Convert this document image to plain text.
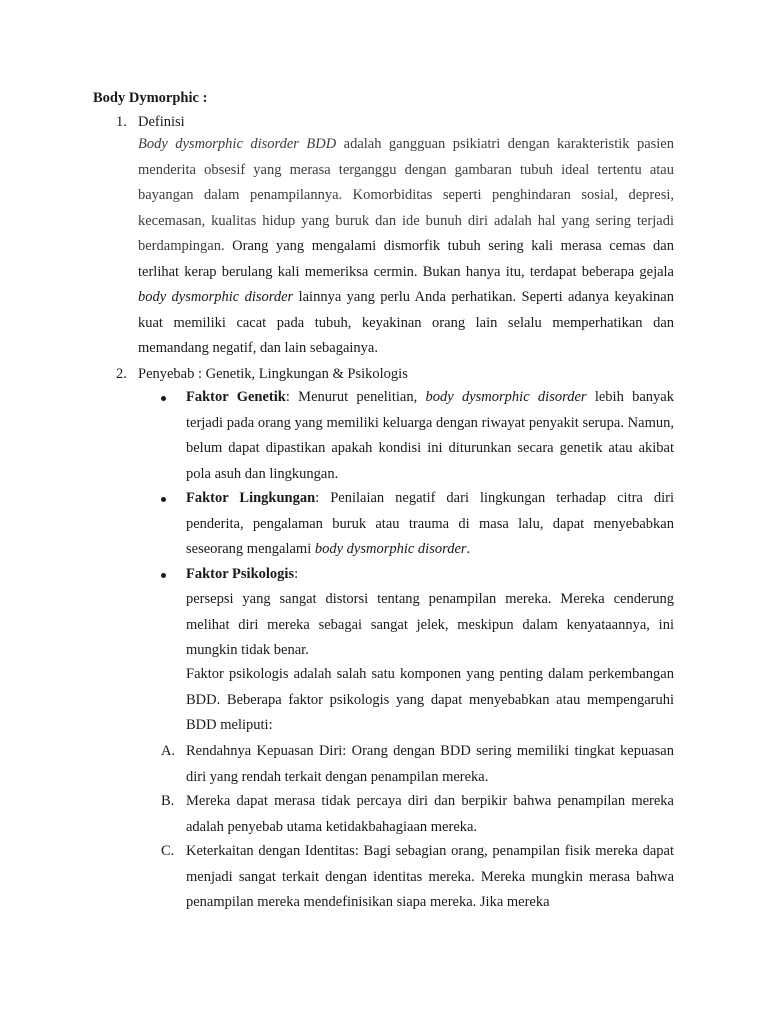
Body Dymorphic :
1. Definisi
Body dysmorphic disorder BDD adalah gangguan psikiatri dengan karakteristik pasien menderita obsesif yang merasa terganggu dengan gambaran tubuh ideal tertentu atau bayangan dalam penampilannya. Komorbiditas seperti penghindaran sosial, depresi, kecemasan, kualitas hidup yang buruk dan ide bunuh diri adalah hal yang sering terjadi berdampingan. Orang yang mengalami dismorfik tubuh sering kali merasa cemas dan terlihat kerap berulang kali memeriksa cermin. Bukan hanya itu, terdapat beberapa gejala body dysmorphic disorder lainnya yang perlu Anda perhatikan. Seperti adanya keyakinan kuat memiliki cacat pada tubuh, keyakinan orang lain selalu memperhatikan dan memandang negatif, dan lain sebagainya.
2. Penyebab : Genetik, Lingkungan & Psikologis
Faktor Genetik: Menurut penelitian, body dysmorphic disorder lebih banyak terjadi pada orang yang memiliki keluarga dengan riwayat penyakit serupa. Namun, belum dapat dipastikan apakah kondisi ini diturunkan secara genetik atau akibat pola asuh dan lingkungan.
Faktor Lingkungan: Penilaian negatif dari lingkungan terhadap citra diri penderita, pengalaman buruk atau trauma di masa lalu, dapat menyebabkan seseorang mengalami body dysmorphic disorder.
Faktor Psikologis:
persepsi yang sangat distorsi tentang penampilan mereka. Mereka cenderung melihat diri mereka sebagai sangat jelek, meskipun dalam kenyataannya, ini mungkin tidak benar.
Faktor psikologis adalah salah satu komponen yang penting dalam perkembangan BDD. Beberapa faktor psikologis yang dapat menyebabkan atau mempengaruhi BDD meliputi:
A. Rendahnya Kepuasan Diri: Orang dengan BDD sering memiliki tingkat kepuasan diri yang rendah terkait dengan penampilan mereka.
B. Mereka dapat merasa tidak percaya diri dan berpikir bahwa penampilan mereka adalah penyebab utama ketidakbahagiaan mereka.
C. Keterkaitan dengan Identitas: Bagi sebagian orang, penampilan fisik mereka dapat menjadi sangat terkait dengan identitas mereka. Mereka mungkin merasa bahwa penampilan mereka mendefinisikan siapa mereka. Jika mereka
